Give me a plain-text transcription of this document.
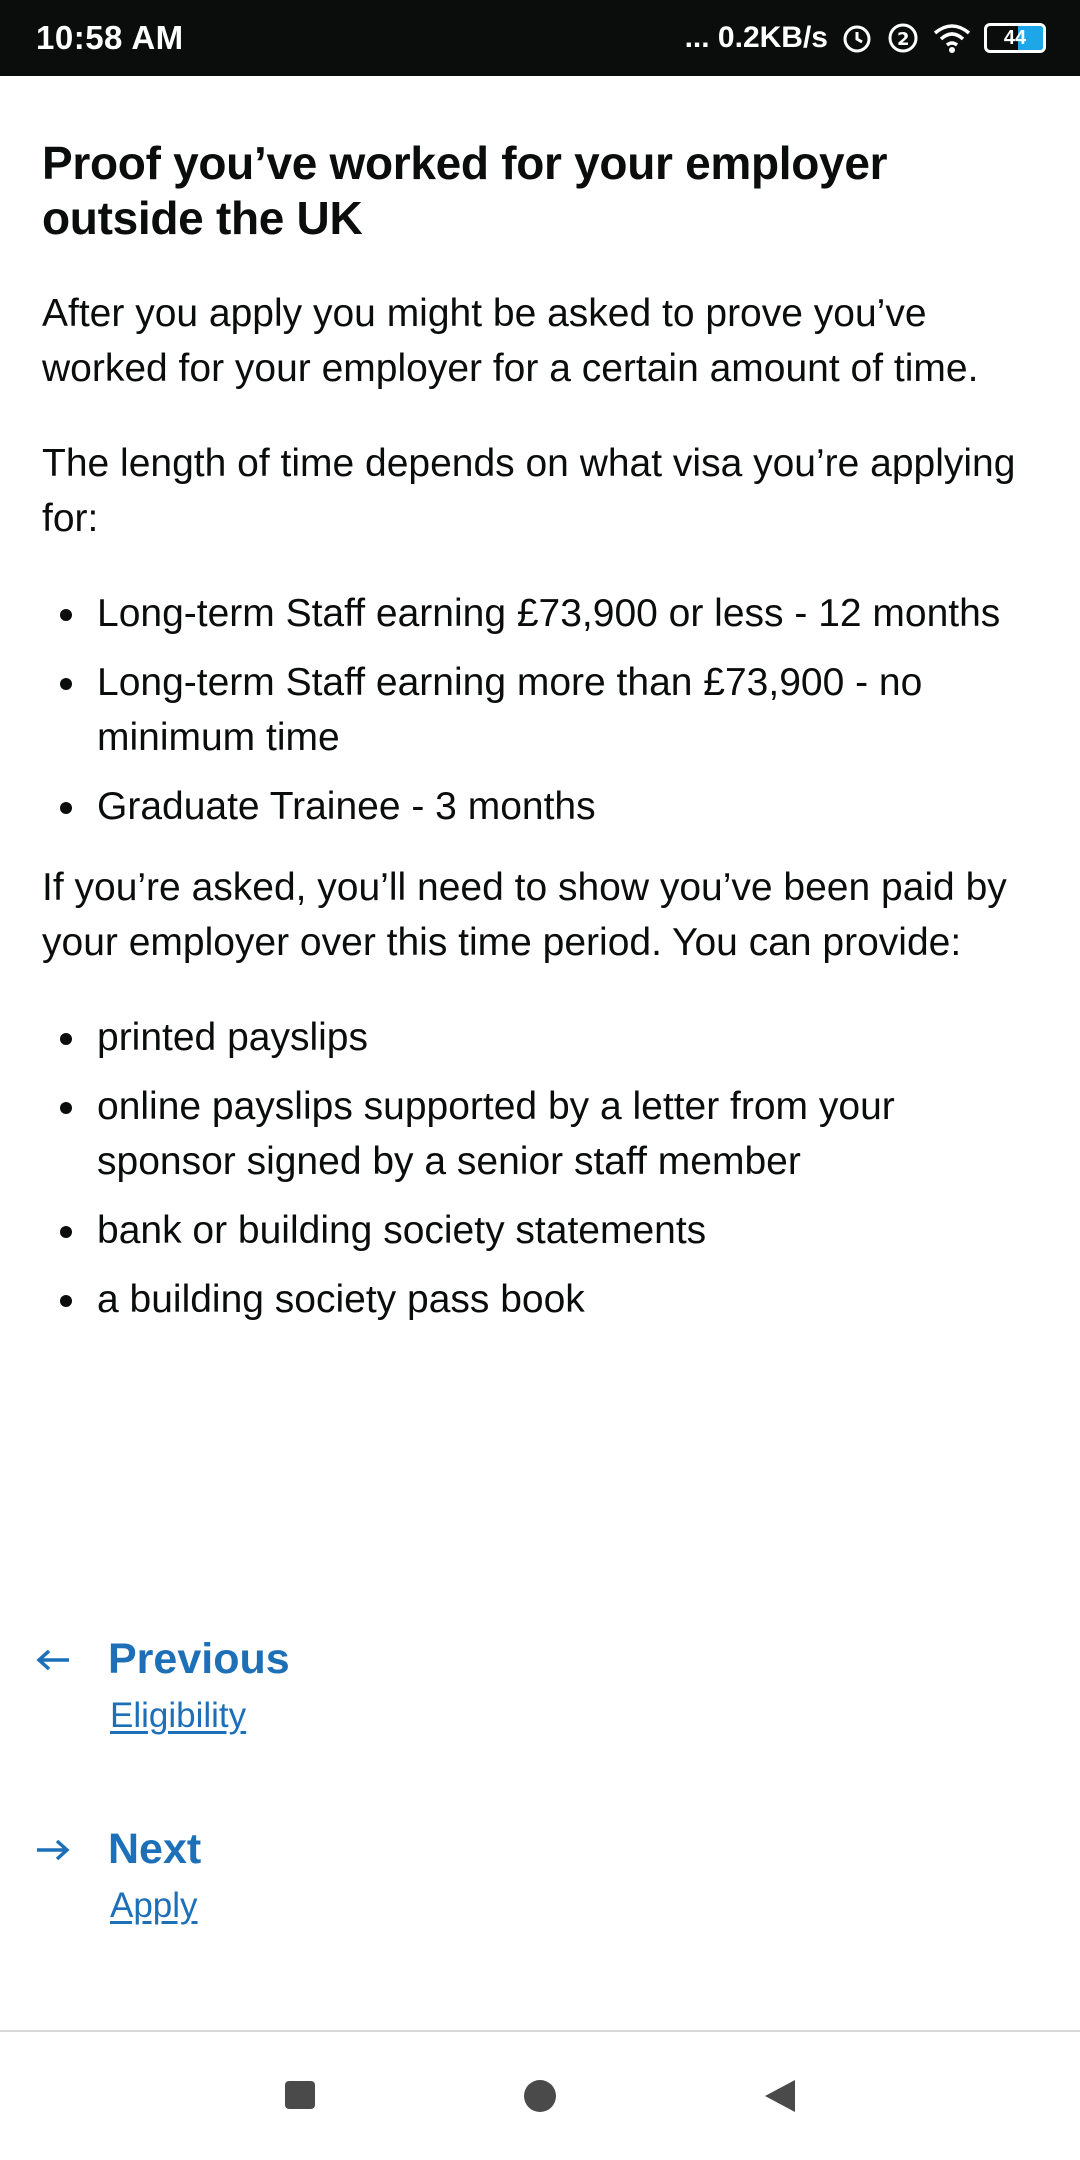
10:58 AM	... 0.2KB/s	2	44
Proof you’ve worked for your employer outside the UK

After you apply you might be asked to prove you’ve worked for your employer for a certain amount of time.

The length of time depends on what visa you’re applying for:

Long-term Staff earning £73,900 or less - 12 months
Long-term Staff earning more than £73,900 - no minimum time
Graduate Trainee - 3 months

If you’re asked, you’ll need to show you’ve been paid by your employer over this time period. You can provide:

printed payslips
online payslips supported by a letter from your sponsor signed by a senior staff member
bank or building society statements
a building society pass book
Previous
Eligibility
Next
Apply
